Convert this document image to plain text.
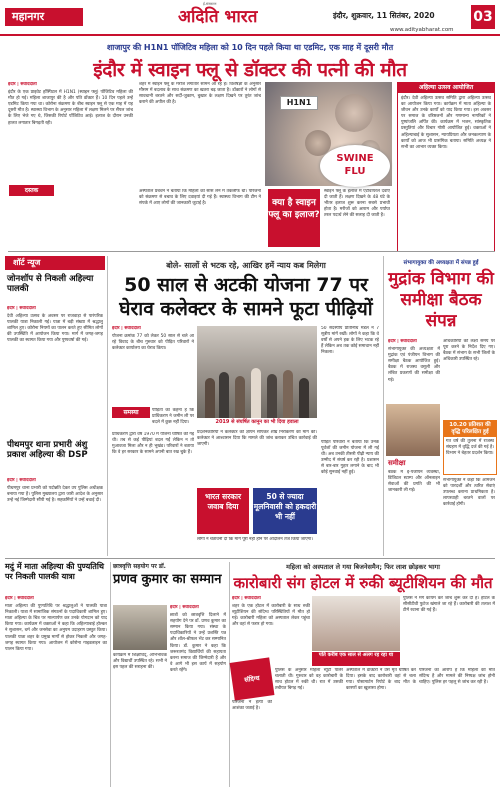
महानगर
ई-संस्करण
अदिति भारत	इंदौर, शुक्रवार, 11 सितंबर, 2020	03
www.adityabharat.com
शाजापुर की H1N1 पॉजिटिव महिला को 10 दिन पहले किया था एडमिट, एक माह में दूसरी मौत
इंदौर में स्वाइन फ्लू से डॉक्टर की पत्नी की मौत
इंदौर | संवाददाता

इंदौर के एक प्राइवेट हॉस्पिटल में H1N1 (स्वाइन फ्लू) पॉजिटिव महिला की मौत हो गई। महिला शाजापुर की है और पति डॉक्टर हैं। 10 दिन पहले उन्हें एडमिट किया गया था। कोरोना संक्रमण के बीच स्वाइन फ्लू से एक माह में यह दूसरी मौत है। स्वास्थ्य विभाग के अनुसार महिला में लक्षण मिलने पर सैंपल जांच के लिए भेजे गए थे, जिसकी रिपोर्ट पॉजिटिव आई। इलाज के दौरान उनकी हालत लगातार बिगड़ती रही।

दस्तक

शहर में स्वाइन फ्लू के मरीज लगातार सामने आ रहे हैं। विशेषज्ञों के अनुसार मौसम में बदलाव के साथ संक्रमण का खतरा बढ़ जाता है। डॉक्टरों ने लोगों से सावधानी बरतने और सर्दी-जुकाम, बुखार के लक्षण दिखने पर तुरंत जांच कराने की अपील की है।

अस्पताल प्रबंधन ने बताया कि महिला को सांस लेने में तकलीफ थी। परिजनों को संक्रमण से बचाव के लिए दवाइयां दी गई हैं। स्वास्थ्य विभाग की टीम ने संपर्क में आए लोगों की जानकारी जुटाई है।

H1N1
SWINE
FLU
क्या है स्वाइन फ्लू का इलाज?
स्वाइन फ्लू के इलाज में एंटीवायरल दवाएं दी जाती हैं। लक्षण दिखने के 48 घंटे के भीतर इलाज शुरू करना सबसे प्रभावी होता है। मरीजों को आराम और पर्याप्त तरल पदार्थ लेने की सलाह दी जाती है।
अहिल्या उत्सव आयोजित
इंदौर। देवी अहिल्या उत्सव समिति द्वारा अहिल्या उत्सव का आयोजन किया गया। कार्यक्रम में माता अहिल्या के जीवन और उनके कार्यों को याद किया गया। इस अवसर पर समाज के वरिष्ठजनों और गणमान्य नागरिकों ने पुष्पांजलि अर्पित की। कार्यक्रम में भजन, सांस्कृतिक प्रस्तुतियां और विचार गोष्ठी आयोजित हुई। वक्ताओं ने अहिल्याबाई के सुशासन, न्यायप्रियता और जनकल्याण के कार्यों को आज भी प्रासंगिक बताया। समिति अध्यक्ष ने सभी का आभार व्यक्त किया।
शॉर्ट न्यूज
जोनशॉप से निकली अहिल्या पालकी
इंदौर | संवाददाता

देवी अहिल्या उत्सव के अवसर पर राजवाड़ा से पारंपरिक पालकी यात्रा निकाली गई। यात्रा में बड़ी संख्या में श्रद्धालु शामिल हुए। कोरोना नियमों का पालन करते हुए सीमित लोगों की उपस्थिति में आयोजन किया गया। मार्ग में जगह-जगह पालकी का स्वागत किया गया और पुष्पवर्षा की गई।

पीथमपुर थाना प्रभारी अंशु प्रकाश अहिल्या की DSP
इंदौर | संवाददाता

पीथमपुर थाना प्रभारी को पदोन्नति देकर उप पुलिस अधीक्षक बनाया गया है। पुलिस मुख्यालय द्वारा जारी आदेश के अनुसार उन्हें नई जिम्मेदारी सौंपी गई है। सहकर्मियों ने उन्हें बधाई दी।

बोले- सालों से भटक रहे, आखिर हमें न्याय कब मिलेगा
50 साल से अटकी योजना 77 पर घेराव कलेक्टर के सामने फूटा पीढ़ियों
इंदौर | संवाददाता

योजना क्रमांक 77 को लेकर 50 साल से चले आ रहे विवाद के बीच गुरुवार को पीड़ित परिवारों ने कलेक्टर कार्यालय का घेराव किया।

2019 से संघर्षित कानून का भी दिया हवाला
50 सदस्यीय प्रतिनिधि मंडल ने 7 सूत्रीय मांगें रखीं। लोगों ने कहा कि वे वर्षों से अपने हक के लिए भटक रहे हैं लेकिन अब तक कोई समाधान नहीं निकला।
समस्या	पीड़ितों का कहना है कि प्राधिकरण ने जमीन ली पर बदले में कुछ नहीं दिया।
प्राधिकरण द्वारा वर्ष 1970 में योजना घोषित की गई थी। तब से कई पीढ़ियां बदल गईं लेकिन न तो मुआवजा मिला और न ही भूखंड। परिवारों ने बताया कि वे हर सरकार के सामने अपनी बात रख चुके हैं।
प्रदर्शनकारियों ने कलेक्टर को ज्ञापन सौंपकर शीघ्र निराकरण की मांग की। कलेक्टर ने आश्वासन दिया कि मामले की जांच कराकर उचित कार्रवाई की जाएगी।
भारत सरकार जवाब दिया
50 से ज्यादा मूलनिवासी को हकदारी भी नहीं
लोगों ने चेतावनी दी कि मांगें पूरी नहीं होने पर आंदोलन तेज किया जाएगा।
पीड़ित परिवारों ने बताया कि उनके पूर्वजों की जमीन योजना में ली गई थी। अब उनकी तीसरी पीढ़ी न्याय की उम्मीद में संघर्ष कर रही है। प्रशासन से बार-बार गुहार लगाने के बाद भी कोई सुनवाई नहीं हुई।
संभागायुक्त की अध्यक्षता में संपन्न हुई
मुद्रांक विभाग की समीक्षा बैठक संपन्न
इंदौर | संवाददाता

संभागायुक्त की अध्यक्षता में मुद्रांक एवं पंजीयन विभाग की समीक्षा बैठक आयोजित हुई। बैठक में राजस्व वसूली और लंबित प्रकरणों की समीक्षा की गई।

अधिकारियों को लक्ष्य समय पर पूरा करने के निर्देश दिए गए। बैठक में संभाग के सभी जिलों के अधिकारी उपस्थित रहे।
10.20 प्रतिशत की वृद्धि परिलक्षित हुई
गत वर्ष की तुलना में राजस्व संग्रहण में वृद्धि दर्ज की गई है। विभाग ने बेहतर प्रदर्शन किया।
समीक्षा
बैठक में ई-पंजीयन व्यवस्था, डिजिटल स्टाम्प और ऑनलाइन सेवाओं की प्रगति की भी जानकारी ली गई।
संभागायुक्त ने कहा कि आमजन को पारदर्शी और त्वरित सेवाएं उपलब्ध कराना प्राथमिकता है। लापरवाही बरतने वालों पर कार्रवाई होगी।
मदुं में माता अहिल्या की पुण्यतिथि पर निकली पालकी यात्रा
इंदौर | संवाददाता

माता अहिल्या की पुण्यतिथि पर श्रद्धालुओं ने पालकी यात्रा निकाली। यात्रा में सामाजिक संगठनों के पदाधिकारी शामिल हुए। माता अहिल्या के चित्र पर माल्यार्पण कर उनके योगदान को याद किया गया। कार्यक्रम में वक्ताओं ने कहा कि अहिल्याबाई होल्कर ने सुशासन, धर्म और जनसेवा का अनुपम उदाहरण प्रस्तुत किया। पालकी यात्रा शहर के प्रमुख मार्गों से होकर निकली और जगह-जगह स्वागत किया गया। आयोजन में कोरोना गाइडलाइन का पालन किया गया।

छात्रवृत्ति सहयोग पर डॉ.
प्रणव कुमार का सम्मान
इंदौर | संवाददाता

छात्रों को छात्रवृत्ति दिलाने में सहयोग देने पर डॉ. प्रणव कुमार का सम्मान किया गया। संस्था के पदाधिकारियों ने उन्हें प्रशस्ति पत्र और शॉल-श्रीफल भेंट कर सम्मानित किया। डॉ. कुमार ने कहा कि जरूरतमंद विद्यार्थियों की सहायता करना समाज की जिम्मेदारी है और वे आगे भी इस कार्य में सहयोग करते रहेंगे।

कार्यक्रम में शिक्षाविद्, अभिभावक और विद्यार्थी उपस्थित रहे। सभी ने इस पहल की सराहना की।
महिला को अस्पताल ले गया बिजनेसमैन; फिर लाश छोड़कर भागा
कारोबारी संग होटल में रुकी ब्यूटीशियन की मौत
इंदौर | संवाददाता

शहर के एक होटल में कारोबारी के साथ रुकी ब्यूटीशियन की संदिग्ध परिस्थितियों में मौत हो गई। कारोबारी महिला को अस्पताल लेकर पहुंचा और वहां से फरार हो गया।

पति करीब एक साल से अलग रह रहा था
पुलिस ने मर्ग कायम कर जांच शुरू कर दी है। होटल के सीसीटीवी फुटेज खंगाले जा रहे हैं। कारोबारी की तलाश में टीमें रवाना की गई हैं।
संदिग्ध
परिजनों ने हत्या की आशंका जताई है।
पुलिस के अनुसार महिला ब्यूटी पार्लर चलाती थी। गुरुवार को वह कारोबारी के साथ होटल में रुकी थी। रात में उसकी तबीयत बिगड़ गई।
अस्पताल में डॉक्टरों ने उसे मृत घोषित कर दिया। इसके बाद कारोबारी वहां से चला गया। पोस्टमार्टम रिपोर्ट के बाद मौत के कारणों का खुलासा होगा।
परिजनों का आरोप है कि महिला की मौत संदिग्ध है और मामले की निष्पक्ष जांच होनी चाहिए। पुलिस हर पहलू से जांच कर रही है।
